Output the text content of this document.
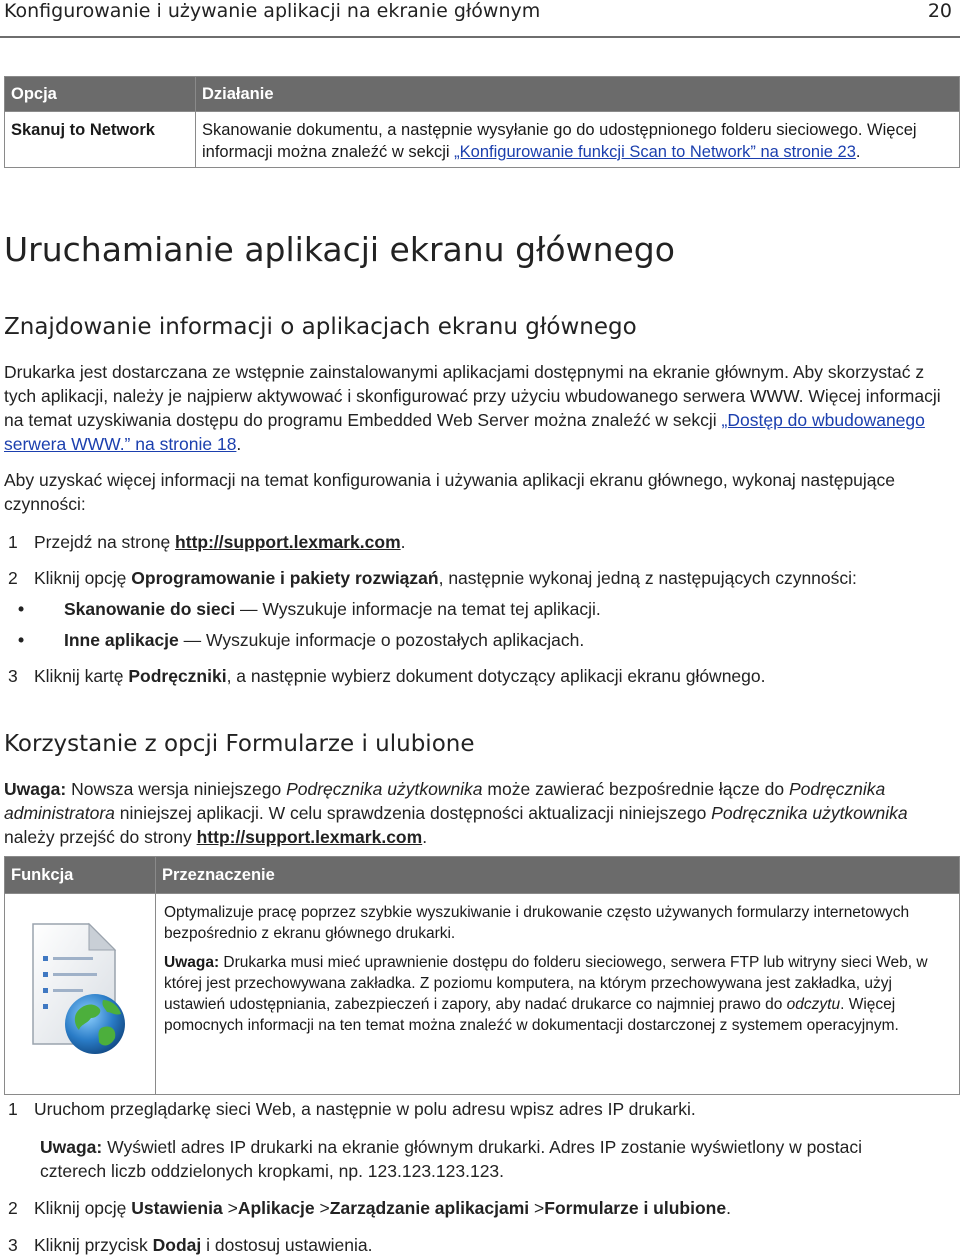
Konfigurowanie i używanie aplikacji na ekranie głównym	20
Opcja	Działanie
Skanuj to Network	Skanowanie dokumentu, a następnie wysyłanie go do udostępnionego folderu sieciowego. Więcej informacji można znaleźć w sekcji „Konfigurowanie funkcji Scan to Network” na stronie 23.
Uruchamianie aplikacji ekranu głównego
Znajdowanie informacji o aplikacjach ekranu głównego
Drukarka jest dostarczana ze wstępnie zainstalowanymi aplikacjami dostępnymi na ekranie głównym. Aby skorzystać z tych aplikacji, należy je najpierw aktywować i skonfigurować przy użyciu wbudowanego serwera WWW. Więcej informacji na temat uzyskiwania dostępu do programu Embedded Web Server można znaleźć w sekcji „Dostęp do wbudowanego serwera WWW.” na stronie 18.
Aby uzyskać więcej informacji na temat konfigurowania i używania aplikacji ekranu głównego, wykonaj następujące czynności:
1 Przejdź na stronę http://support.lexmark.com.
2 Kliknij opcję Oprogramowanie i pakiety rozwiązań, następnie wykonaj jedną z następujących czynności:
• Skanowanie do sieci — Wyszukuje informacje na temat tej aplikacji.
• Inne aplikacje — Wyszukuje informacje o pozostałych aplikacjach.
3 Kliknij kartę Podręczniki, a następnie wybierz dokument dotyczący aplikacji ekranu głównego.
Korzystanie z opcji Formularze i ulubione
Uwaga: Nowsza wersja niniejszego Podręcznika użytkownika może zawierać bezpośrednie łącze do Podręcznika administratora niniejszej aplikacji. W celu sprawdzenia dostępności aktualizacji niniejszego Podręcznika użytkownika należy przejść do strony http://support.lexmark.com.
Funkcja	Przeznaczenie

Optymalizuje pracę poprzez szybkie wyszukiwanie i drukowanie często używanych formularzy internetowych bezpośrednio z ekranu głównego drukarki.
Uwaga: Drukarka musi mieć uprawnienie dostępu do folderu sieciowego, serwera FTP lub witryny sieci Web, w której jest przechowywana zakładka. Z poziomu komputera, na którym przechowywana jest zakładka, użyj ustawień udostępniania, zabezpieczeń i zapory, aby nadać drukarce co najmniej prawo do odczytu. Więcej pomocnych informacji na ten temat można znaleźć w dokumentacji dostarczonej z systemem operacyjnym.
1 Uruchom przeglądarkę sieci Web, a następnie w polu adresu wpisz adres IP drukarki.
Uwaga: Wyświetl adres IP drukarki na ekranie głównym drukarki. Adres IP zostanie wyświetlony w postaci czterech liczb oddzielonych kropkami, np. 123.123.123.123.
2 Kliknij opcję Ustawienia >Aplikacje >Zarządzanie aplikacjami >Formularze i ulubione.
3 Kliknij przycisk Dodaj i dostosuj ustawienia.
